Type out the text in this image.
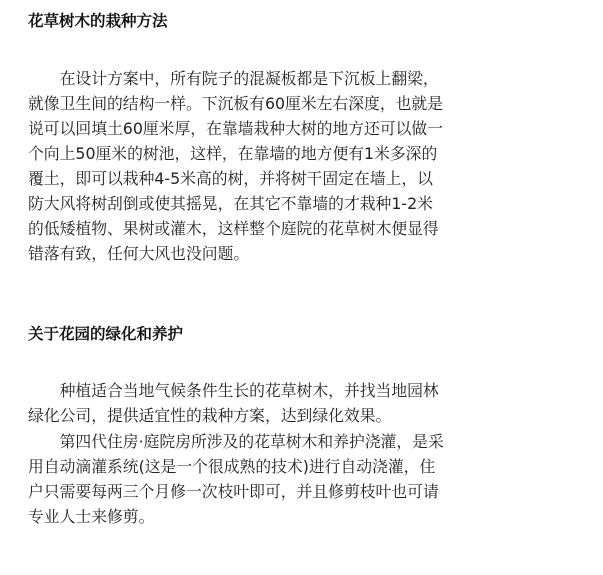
花草树木的栽种方法
　　在设计方案中，所有院子的混凝板都是下沉板上翻梁，
就像卫生间的结构一样。下沉板有60厘米左右深度，也就是
说可以回填土60厘米厚，在靠墙栽种大树的地方还可以做一
个向上50厘米的树池，这样，在靠墙的地方便有1米多深的
覆土，即可以栽种4-5米高的树，并将树干固定在墙上，以
防大风将树刮倒或使其摇晃，在其它不靠墙的才栽种1-2米
的低矮植物、果树或灌木，这样整个庭院的花草树木便显得
错落有致，任何大风也没问题。
关于花园的绿化和养护
　　种植适合当地气候条件生长的花草树木，并找当地园林
绿化公司，提供适宜性的栽种方案，达到绿化效果。
　　第四代住房·庭院房所涉及的花草树木和养护浇灌，是采
用自动滴灌系统(这是一个很成熟的技术)进行自动浇灌，住
户只需要每两三个月修一次枝叶即可，并且修剪枝叶也可请
专业人士来修剪。
